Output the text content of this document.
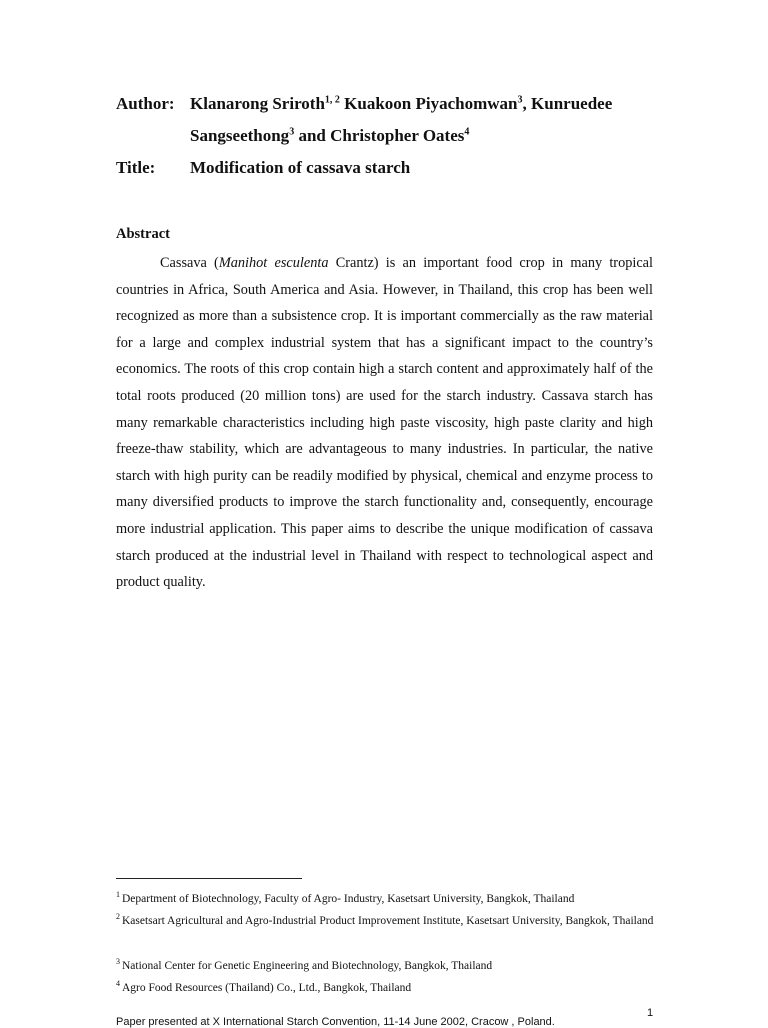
Author: Klanarong Sriroth$^{1, 2}$ Kuakoon Piyachomwan$^3$, Kunruedee
Sangseethong$^3$ and Christopher Oates$^4$
Title: Modification of cassava starch
Abstract

Cassava (Manihot esculenta Crantz) is an important food crop in many tropical countries in Africa, South America and Asia. However, in Thailand, this crop has been well recognized as more than a subsistence crop. It is important commercially as the raw material for a large and complex industrial system that has a significant impact to the country’s economics. The roots of this crop contain high a starch content and approximately half of the total roots produced (20 million tons) are used for the starch industry. Cassava starch has many remarkable characteristics including high paste viscosity, high paste clarity and high freeze-thaw stability, which are advantageous to many industries. In particular, the native starch with high purity can be readily modified by physical, chemical and enzyme process to many diversified products to improve the starch functionality and, consequently, encourage more industrial application. This paper aims to describe the unique modification of cassava starch produced at the industrial level in Thailand with respect to technological aspect and product quality.

$^1$ Department of Biotechnology, Faculty of Agro- Industry, Kasetsart University, Bangkok, Thailand

$^2$ Kasetsart Agricultural and Agro-Industrial Product Improvement Institute, Kasetsart University, Bangkok, Thailand

$^3$ National Center for Genetic Engineering and Biotechnology, Bangkok, Thailand

$^4$ Agro Food Resources (Thailand) Co., Ltd., Bangkok, Thailand

1
Paper presented at X International Starch Convention, 11-14 June 2002, Cracow , Poland.
